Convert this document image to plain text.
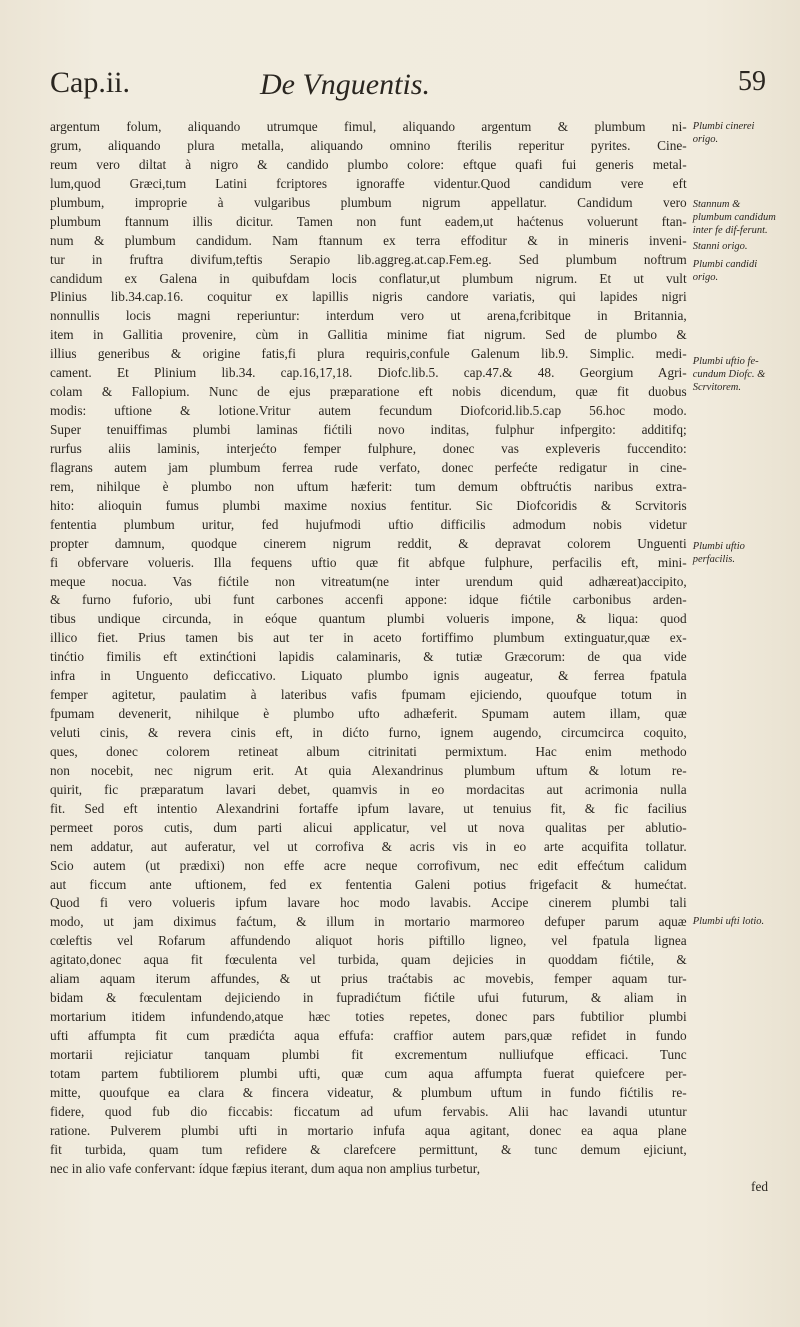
Cap.ii.	De Vnguentis.	59
argentum folum, aliquando utrumque fimul, aliquando argentum & plumbum ni-
grum, aliquando plura metalla, aliquando omnino fterilis reperitur pyrites. Cine-
reum vero diltat à nigro & candido plumbo colore: eftque quafi fui generis metal-
lum,quod Græci,tum Latini fcriptores ignoraffe videntur.Quod candidum vere eft
plumbum, improprie à vulgaribus plumbum nigrum appellatur. Candidum vero
plumbum ftannum illis dicitur. Tamen non funt eadem,ut haćtenus voluerunt ftan-
num & plumbum candidum. Nam ftannum ex terra effoditur & in mineris inveni-
tur in fruftra divifum,teftis Serapio lib.aggreg.at.cap.Fem.eg. Sed plumbum noftrum
candidum ex Galena in quibufdam locis conflatur,ut plumbum nigrum. Et ut vult
Plinius lib.34.cap.16. coquitur ex lapillis nigris candore variatis, qui lapides nigri
nonnullis locis magni reperiuntur: interdum vero ut arena,fcribitque in Britannia,
item in Gallitia provenire, cùm in Gallitia minime fiat nigrum. Sed de plumbo &
illius generibus & origine fatis,fi plura requiris,confule Galenum lib.9. Simplic. medi-
cament. Et Plinium lib.34. cap.16,17,18. Diofc.lib.5. cap.47.& 48. Georgium Agri-
colam & Fallopium. Nunc de ejus præparatione eft nobis dicendum, quæ fit duobus
modis: uftione & lotione.Vritur autem fecundum Diofcorid.lib.5.cap 56.hoc modo.
Super tenuiffimas plumbi laminas fićtili novo inditas, fulphur infpergito: additifq;
rurfus aliis laminis, interjećto femper fulphure, donec vas expleveris fuccendito:
flagrans autem jam plumbum ferrea rude verfato, donec perfećte redigatur in cine-
rem, nihilque è plumbo non uftum hæferit: tum demum obftrućtis naribus extra-
hito: alioquin fumus plumbi maxime noxius fentitur. Sic Diofcoridis & Scrvitoris
fententia plumbum uritur, fed hujufmodi uftio difficilis admodum nobis videtur
propter damnum, quodque cinerem nigrum reddit, & depravat colorem Unguenti
fi obfervare volueris. Illa fequens uftio quæ fit abfque fulphure, perfacilis eft, mini-
meque nocua. Vas fićtile non vitreatum(ne inter urendum quid adhæreat)accipito,
& furno fuforio, ubi funt carbones accenfi appone: idque fićtile carbonibus arden-
tibus undique circunda, in eóque quantum plumbi volueris impone, & liqua: quod
illico fiet. Prius tamen bis aut ter in aceto fortiffimo plumbum extinguatur,quæ ex-
tinćtio fimilis eft extinćtioni lapidis calaminaris, & tutiæ Græcorum: de qua vide
infra in Unguento deficcativo. Liquato plumbo ignis augeatur, & ferrea fpatula
femper agitetur, paulatim à lateribus vafis fpumam ejiciendo, quoufque totum in
fpumam devenerit, nihilque è plumbo ufto adhæferit. Spumam autem illam, quæ
veluti cinis, & revera cinis eft, in dićto furno, ignem augendo, circumcirca coquito,
ques, donec colorem retineat album citrinitati permixtum. Hac enim methodo
non nocebit, nec nigrum erit. At quia Alexandrinus plumbum uftum & lotum re-
quirit, fic præparatum lavari debet, quamvis in eo mordacitas aut acrimonia nulla
fit. Sed eft intentio Alexandrini fortaffe ipfum lavare, ut tenuius fit, & fic facilius
permeet poros cutis, dum parti alicui applicatur, vel ut nova qualitas per ablutio-
nem addatur, aut auferatur, vel ut corrofiva & acris vis in eo arte acquifita tollatur.
Scio autem (ut prædixi) non effe acre neque corrofivum, nec edit effećtum calidum
aut ficcum ante uftionem, fed ex fententia Galeni potius frigefacit & humećtat.
Quod fi vero volueris ipfum lavare hoc modo lavabis. Accipe cinerem plumbi tali
modo, ut jam diximus faćtum, & illum in mortario marmoreo defuper parum aquæ
cœleftis vel Rofarum affundendo aliquot horis piftillo ligneo, vel fpatula lignea
agitato,donec aqua fit fœculenta vel turbida, quam dejicies in quoddam fićtile, &
aliam aquam iterum affundes, & ut prius traćtabis ac movebis, femper aquam tur-
bidam & fœculentam dejiciendo in fupradićtum fićtile ufui futurum, & aliam in
mortarium itidem infundendo,atque hæc toties repetes, donec pars fubtilior plumbi
ufti affumpta fit cum prædićta aqua effufa: craffior autem pars,quæ refidet in fundo
mortarii rejiciatur tanquam plumbi fit excrementum nulliufque efficaci. Tunc
totam partem fubtiliorem plumbi ufti, quæ cum aqua affumpta fuerat quiefcere per-
mitte, quoufque ea clara & fincera videatur, & plumbum uftum in fundo fićtilis re-
fidere, quod fub dio ficcabis: ficcatum ad ufum fervabis. Alii hac lavandi utuntur
ratione. Pulverem plumbi ufti in mortario infufa aqua agitant, donec ea aqua plane
fit turbida, quam tum refidere & clarefcere permittunt, & tunc demum ejiciunt,
nec in alio vafe confervant: ídque fæpius iterant, dum aqua non amplius turbetur,
Plumbi cinerei origo.
Stannum & plumbum candidum inter fe dif-ferunt.
Stanni origo.
Plumbi candidi origo.
Plumbi uftio fe-cundum Diofc. & Scrvitorem.
Plumbi uftio perfacilis.
Plumbi ufti lotio.
fed
